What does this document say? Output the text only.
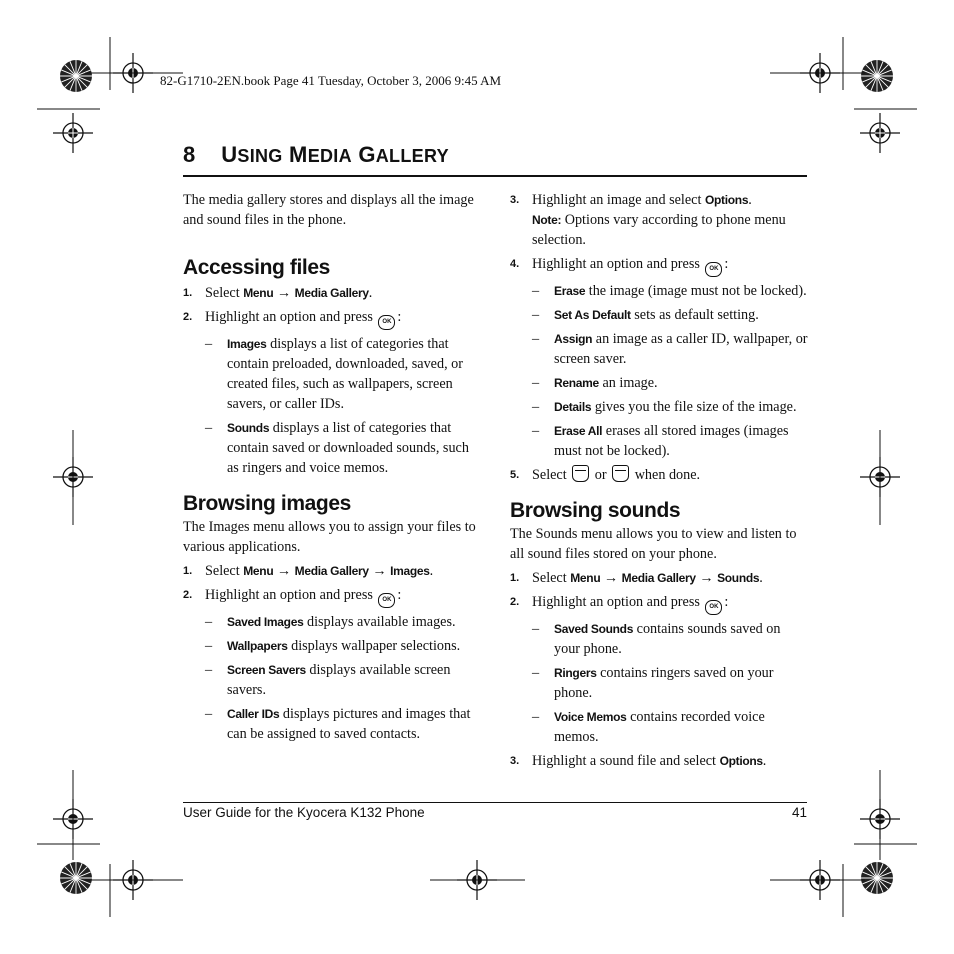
82-G1710-2EN.book Page 41 Tuesday, October 3, 2006 9:45 AM
8 USING MEDIA GALLERY

The media gallery stores and displays all the image and sound files in the phone.

Accessing files
1. Select Menu → Media Gallery.
2. Highlight an option and press OK :
– Images displays a list of categories that contain preloaded, downloaded, saved, or created files, such as wallpapers, screen savers, or caller IDs.
– Sounds displays a list of categories that contain saved or downloaded sounds, such as ringers and voice memos.
Browsing images

The Images menu allows you to assign your files to various applications.

1. Select Menu → Media Gallery → Images.
2. Highlight an option and press OK :
– Saved Images displays available images.
– Wallpapers displays wallpaper selections.
– Screen Savers displays available screen savers.
– Caller IDs displays pictures and images that can be assigned to saved contacts.
3. Highlight an image and select Options.
Note: Options vary according to phone menu selection.
4. Highlight an option and press OK :
– Erase the image (image must not be locked).
– Set As Default sets as default setting.
– Assign an image as a caller ID, wallpaper, or screen saver.
– Rename an image.
– Details gives you the file size of the image.
– Erase All erases all stored images (images must not be locked).
5. Select
or
when done.
Browsing sounds

The Sounds menu allows you to view and listen to all sound files stored on your phone.

1. Select Menu → Media Gallery → Sounds.
2. Highlight an option and press OK :
– Saved Sounds contains sounds saved on your phone.
– Ringers contains ringers saved on your phone.
– Voice Memos contains recorded voice memos.
3. Highlight a sound file and select Options.
User Guide for the Kyocera K132 Phone	41
